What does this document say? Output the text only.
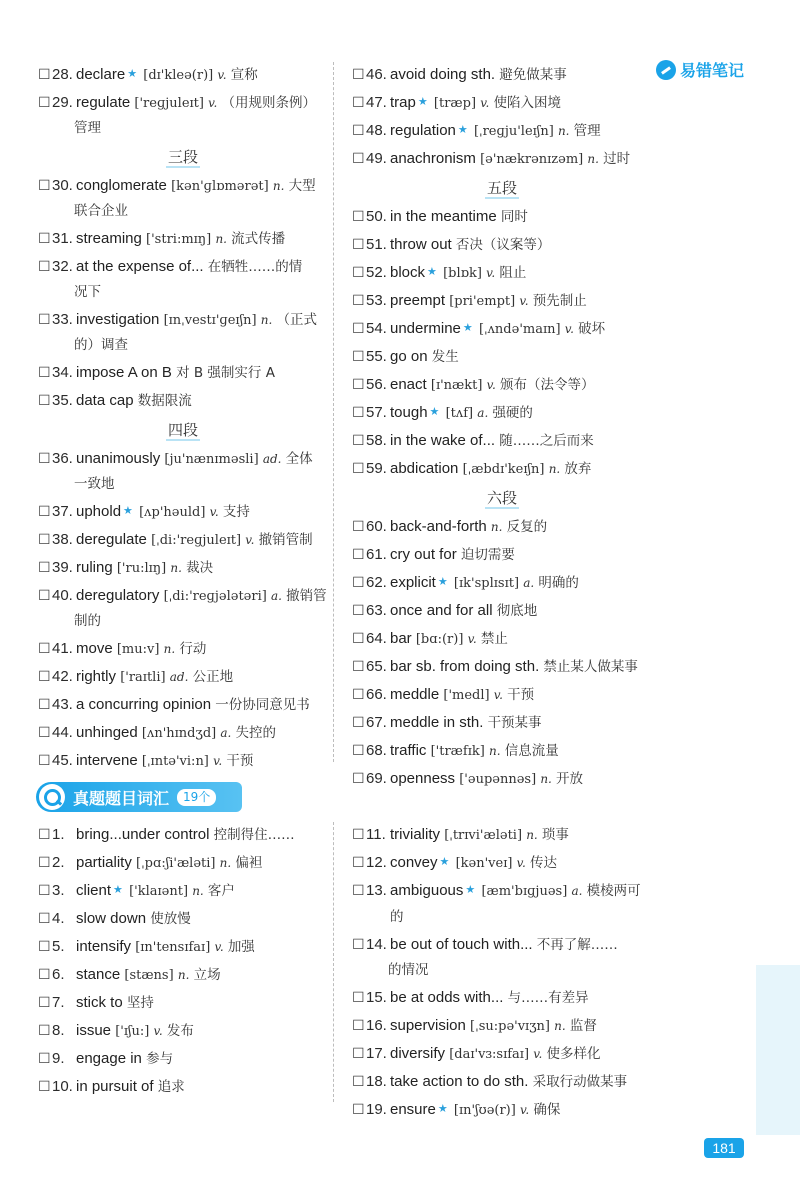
易错笔记
☐ 28. declare ★ [dɪ'kleə(r)] v. 宣称
☐ 29. regulate ['reɡjuleɪt] v. （用规则条例）
管理
三段
☐ 30. conglomerate [kən'ɡlɒmərət] n. 大型
联合企业
☐ 31. streaming ['stri:mɪŋ] n. 流式传播
☐ 32. at the expense of... 在牺牲……的情
况下
☐ 33. investigation [ɪnˌvestɪ'ɡeɪʃn] n. （正式
的）调查
☐ 34. impose A on B 对 B 强制实行 A
☐ 35. data cap 数据限流
四段
☐ 36. unanimously [ju'nænɪməsli] ad. 全体
一致地
☐ 37. uphold ★ [ʌp'həuld] v. 支持
☐ 38. deregulate [ˌdi:'reɡjuleɪt] v. 撤销管制
☐ 39. ruling ['ru:lɪŋ] n. 裁决
☐ 40. deregulatory [ˌdi:'reɡjələtəri] a. 撤销管
制的
☐ 41. move [mu:v] n. 行动
☐ 42. rightly ['raɪtli] ad. 公正地
☐ 43. a concurring opinion 一份协同意见书
☐ 44. unhinged [ʌn'hɪndʒd] a. 失控的
☐ 45. intervene [ˌɪntə'vi:n] v. 干预
☐ 46. avoid doing sth. 避免做某事
☐ 47. trap ★ [træp] v. 使陷入困境
☐ 48. regulation ★ [ˌreɡju'leɪʃn] n. 管理
☐ 49. anachronism [ə'nækrənɪzəm] n. 过时
五段
☐ 50. in the meantime 同时
☐ 51. throw out 否决（议案等）
☐ 52. block ★ [blɒk] v. 阻止
☐ 53. preempt [pri'empt] v. 预先制止
☐ 54. undermine ★ [ˌʌndə'maɪn] v. 破坏
☐ 55. go on 发生
☐ 56. enact [ɪ'nækt] v. 颁布（法令等）
☐ 57. tough ★ [tʌf] a. 强硬的
☐ 58. in the wake of... 随……之后而来
☐ 59. abdication [ˌæbdɪ'keɪʃn] n. 放弃
六段
☐ 60. back-and-forth n. 反复的
☐ 61. cry out for 迫切需要
☐ 62. explicit ★ [ɪk'splɪsɪt] a. 明确的
☐ 63. once and for all 彻底地
☐ 64. bar [bɑ:(r)] v. 禁止
☐ 65. bar sb. from doing sth. 禁止某人做某事
☐ 66. meddle ['medl] v. 干预
☐ 67. meddle in sth. 干预某事
☐ 68. traffic ['træfɪk] n. 信息流量
☐ 69. openness ['əupənnəs] n. 开放
真题题目词汇	19个
☐ 1. bring...under control 控制得住……
☐ 2. partiality [ˌpɑ:ʃi'æləti] n. 偏袒
☐ 3. client ★ ['klaɪənt] n. 客户
☐ 4. slow down 使放慢
☐ 5. intensify [ɪn'tensɪfaɪ] v. 加强
☐ 6. stance [stæns] n. 立场
☐ 7. stick to 坚持
☐ 8. issue ['ɪʃu:] v. 发布
☐ 9. engage in 参与
☐ 10. in pursuit of 追求
☐ 11. triviality [ˌtrɪvi'æləti] n. 琐事
☐ 12. convey ★ [kən'veɪ] v. 传达
☐ 13. ambiguous ★ [æm'bɪɡjuəs] a. 模棱两可的
☐ 14. be out of touch with... 不再了解……
的情况
☐ 15. be at odds with... 与……有差异
☐ 16. supervision [ˌsu:pə'vɪʒn] n. 监督
☐ 17. diversify [daɪ'vɜ:sɪfaɪ] v. 使多样化
☐ 18. take action to do sth. 采取行动做某事
☐ 19. ensure ★ [ɪn'ʃʊə(r)] v. 确保
181
